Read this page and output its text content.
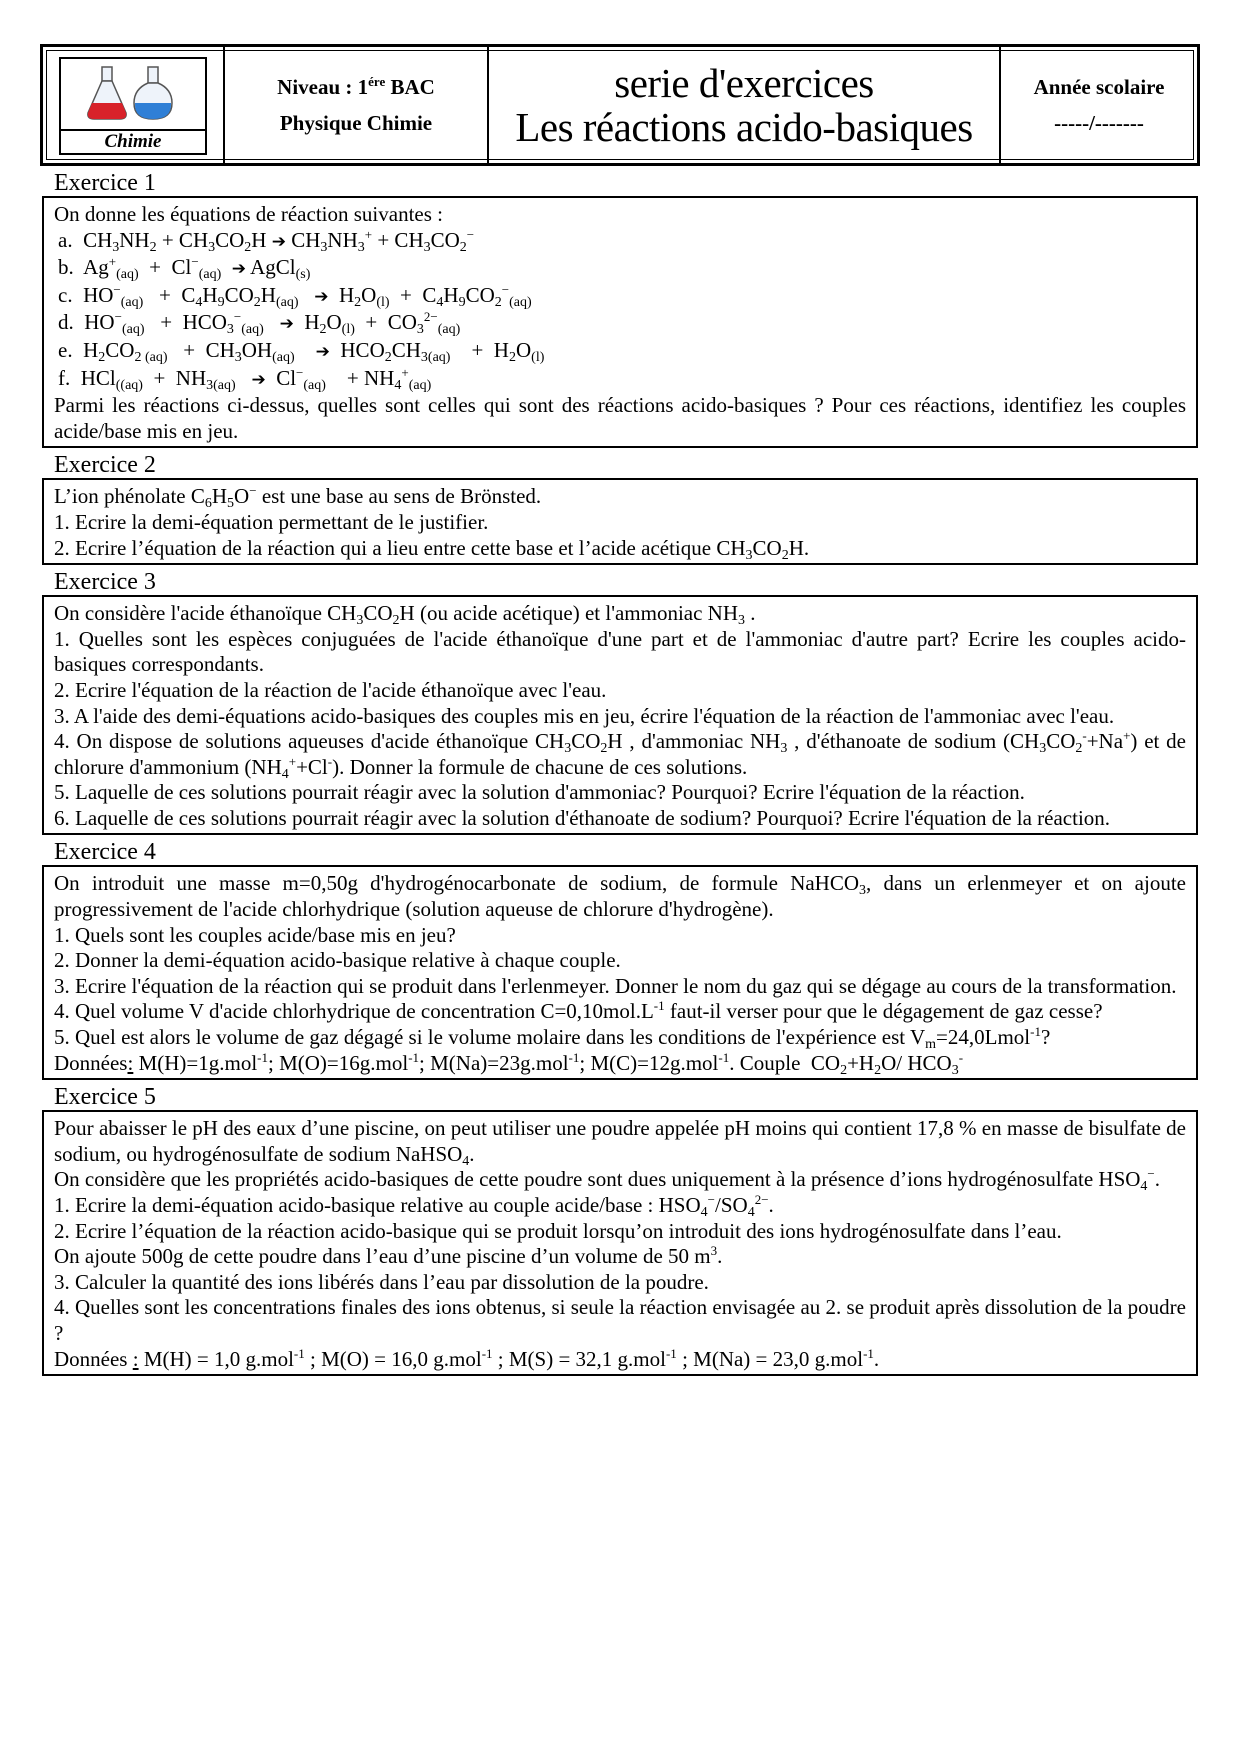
Chimie
Niveau : $1^{ére}$ BAC
Physique Chimie
serie d'exercices
Les réactions acido-basiques
Année scolaire
-----/-------
Exercice 1

On donne les équations de réaction suivantes :

a.  $CH_3NH_2 + CH_3CO_2H$ ➔ $CH_3NH_3^+ + CH_3CO_2^-$

b.  $Ag^+_{(aq)} + Cl^-_{(aq)}$ ➔ AgCl$_{(s)}$

c.  $HO^-_{(aq)} + C_4H_9CO_2H_{(aq)}$ ➔  $H_2O_{(l)} + C_4H_9CO_2^-_{(aq)}$

d.  $HO^-_{(aq)} + HCO_3^-_{(aq)}$ ➔  $H_2O_{(l)} + CO_3^{2-}_{(aq)}$

e.  $H_2CO_{2 (aq)} + CH_3OH_{(aq)}$ ➔  $HCO_2CH_{3(aq)}$    +  $H_2O_{(l)}$

f.  $HCl_{((aq)} + NH_{3(aq)}$ ➔  $Cl^-_{(aq)}$    + $NH_4^+_{(aq)}$

Parmi les réactions ci-dessus, quelles sont celles qui sont des réactions acido-basiques ? Pour ces réactions, identifiez les couples acide/base mis en jeu.

Exercice 2

L’ion phénolate $C_6H_5O^-$ est une base au sens de Brönsted.

1. Ecrire la demi-équation permettant de le justifier.

2. Ecrire l’équation de la réaction qui a lieu entre cette base et l’acide acétique $CH_3CO_2H$.

Exercice 3

On considère l'acide éthanoïque $CH_3CO_2H$ (ou acide acétique) et l'ammoniac $NH_3$ .

1. Quelles sont les espèces conjuguées de l'acide éthanoïque d'une part et de l'ammoniac d'autre part? Ecrire les couples acido-basiques correspondants.

2. Ecrire l'équation de la réaction de l'acide éthanoïque avec l'eau.

3. A l'aide des demi-équations acido-basiques des couples mis en jeu, écrire l'équation de la réaction de l'ammoniac avec l'eau.

4. On dispose de solutions aqueuses d'acide éthanoïque $CH_3CO_2H$ , d'ammoniac $NH_3$ , d'éthanoate de sodium $(CH_3CO_2^-+Na^+)$ et de chlorure d'ammonium $(NH_4^++Cl^-)$. Donner la formule de chacune de ces solutions.

5. Laquelle de ces solutions pourrait réagir avec la solution d'ammoniac? Pourquoi? Ecrire l'équation de la réaction.

6. Laquelle de ces solutions pourrait réagir avec la solution d'éthanoate de sodium? Pourquoi? Ecrire l'équation de la réaction.

Exercice 4

On introduit une masse m=0,50g d'hydrogénocarbonate de sodium, de formule NaHCO$_3$, dans un erlenmeyer et on ajoute progressivement de l'acide chlorhydrique (solution aqueuse de chlorure d'hydrogène).

1. Quels sont les couples acide/base mis en jeu?

2. Donner la demi-équation acido-basique relative à chaque couple.

3. Ecrire l'équation de la réaction qui se produit dans l'erlenmeyer. Donner le nom du gaz qui se dégage au cours de la transformation.

4. Quel volume V d'acide chlorhydrique de concentration $C=0,10mol.L^{-1}$ faut-il verser pour que le dégagement de gaz cesse?

5. Quel est alors le volume de gaz dégagé si le volume molaire dans les conditions de l'expérience est $V_m=24,0Lmol^{-1}$?

Données: M(H)=1g.mol$^{-1}$; M(O)=16g.mol$^{-1}$; M(Na)=23g.mol$^{-1}$; M(C)=12g.mol$^{-1}$. Couple  $CO_2+H_2O/$ $HCO_3^-$

Exercice 5

Pour abaisser le pH des eaux d’une piscine, on peut utiliser une poudre appelée pH moins qui contient 17,8 % en masse de bisulfate de sodium, ou hydrogénosulfate de sodium NaHSO$_4$.

On considère que les propriétés acido-basiques de cette poudre sont dues uniquement à la présence d’ions hydrogénosulfate $HSO_4^-$.

1. Ecrire la demi-équation acido-basique relative au couple acide/base : $HSO_4^-/SO_4^{2-}$.

2. Ecrire l’équation de la réaction acido-basique qui se produit lorsqu’on introduit des ions hydrogénosulfate dans l’eau.

On ajoute 500g de cette poudre dans l’eau d’une piscine d’un volume de 50 $m^3$.

3. Calculer la quantité des ions libérés dans l’eau par dissolution de la poudre.

4. Quelles sont les concentrations finales des ions obtenus, si seule la réaction envisagée au 2. se produit après dissolution de la poudre ?

Données : M(H) = 1,0 g.mol$^{-1}$ ; M(O) = 16,0 g.mol$^{-1}$ ; M(S) = 32,1 g.mol$^{-1}$ ; M(Na) = 23,0 g.mol$^{-1}$.
